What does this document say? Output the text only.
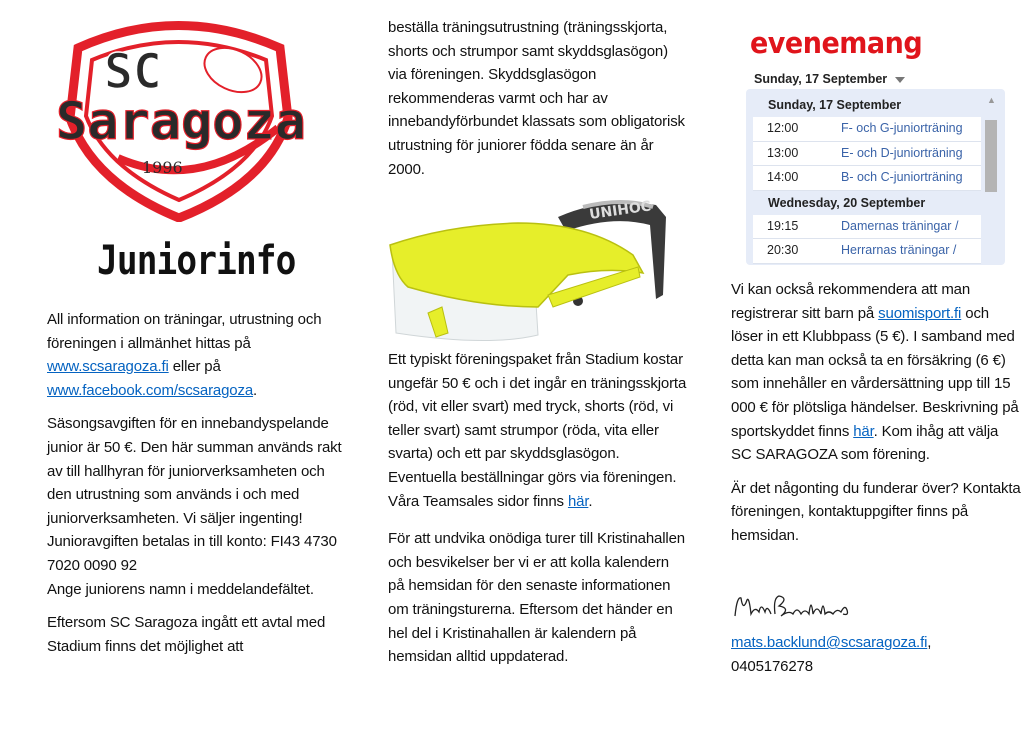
SC
Saragoza
1996
Juniorinfo

All information on träningar, utrustning och föreningen i allmänhet hittas på www.scsaragoza.fi eller på
www.facebook.com/scsaragoza.

Säsongsavgiften för en innebandyspelande junior är 50 €. Den här summan används rakt av till hallhyran för juniorverksamheten och den utrustning som används i och med juniorverksamheten. Vi säljer ingenting! Junioravgiften betalas in till konto: FI43 4730 7020 0090 92
Ange juniorens namn i meddelandefältet.

Eftersom SC Saragoza ingått ett avtal med Stadium finns det möjlighet att

beställa träningsutrustning (träningsskjorta, shorts och strumpor samt skyddsglasögon) via föreningen. Skyddsglasögon rekommenderas varmt och har av innebandyförbundet klassats som obligatorisk utrustning för juniorer födda senare än år 2000.

Ett typiskt föreningspaket från Stadium kostar ungefär 50 € och i det ingår en träningsskjorta (röd, vit eller svart) med tryck, shorts (röd, vi teller svart) samt strumpor (röda, vita eller svarta) och ett par skyddsglasögon. Eventuella beställningar görs via föreningen. Våra Teamsales sidor finns här.

För att undvika onödiga turer till Kristinahallen och besvikelser ber vi er att kolla kalendern på hemsidan för den senaste informationen om träningsturerna. Eftersom det händer en hel del i Kristinahallen är kalendern på hemsidan alltid uppdaterad.

UNIHOC
evenemang
Sunday, 17 September
Sunday, 17 September
12:00	F- och G-juniorträning
13:00	E- och D-juniorträning
14:00	B- och C-juniorträning
Wednesday, 20 September
19:15	Damernas träningar /
20:30	Herrarnas träningar /
▲

Vi kan också rekommendera att man registrerar sitt barn på suomisport.fi och löser in ett Klubbpass (5 €). I samband med detta kan man också ta en försäkring (6 €) som innehåller en vårdersättning upp till 15 000 € för plötsliga händelser. Beskrivning på sportskyddet finns här. Kom ihåg att välja SC SARAGOZA som förening.

Är det någonting du funderar över? Kontakta föreningen, kontaktuppgifter finns på hemsidan.

mats.backlund@scsaragoza.fi,
0405176278
